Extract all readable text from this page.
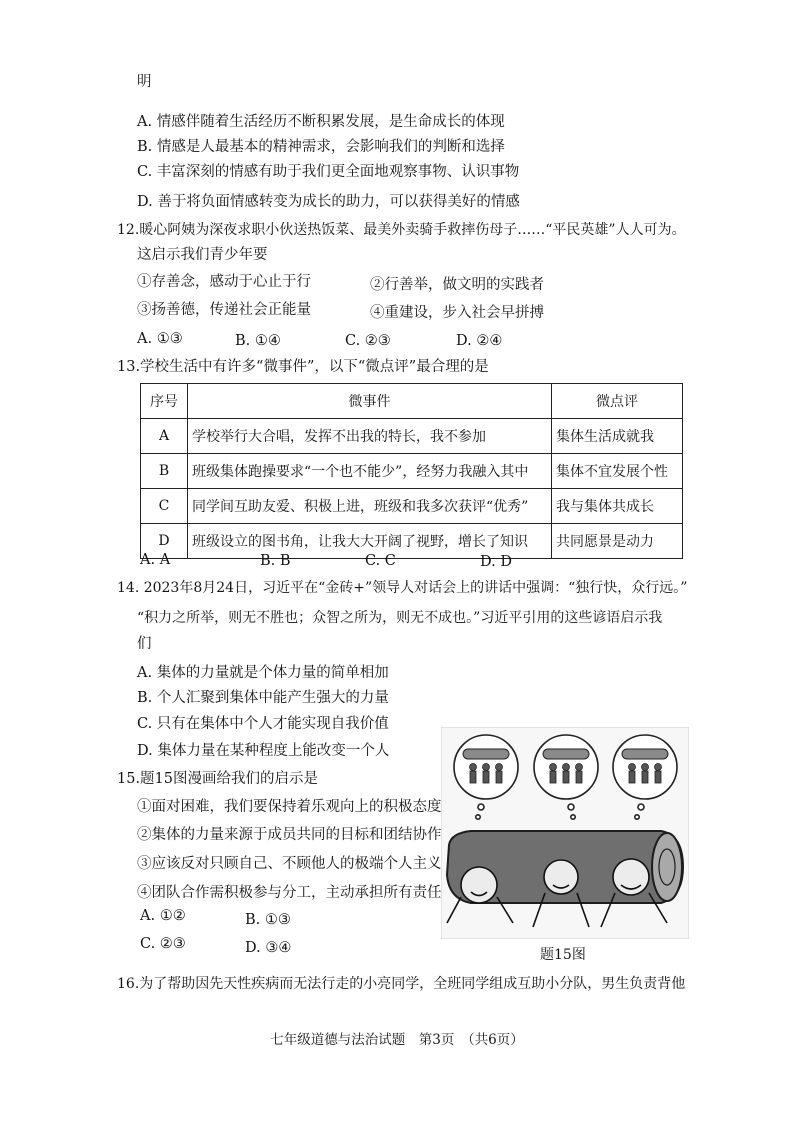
明
A. 情感伴随着生活经历不断积累发展，是生命成长的体现
B. 情感是人最基本的精神需求，会影响我们的判断和选择
C. 丰富深刻的情感有助于我们更全面地观察事物、认识事物
D. 善于将负面情感转变为成长的助力，可以获得美好的情感
12.暖心阿姨为深夜求职小伙送热饭菜、最美外卖骑手救摔伤母子……“平民英雄”人人可为。
这启示我们青少年要
①存善念，感动于心止于行	②行善举，做文明的实践者
③扬善德，传递社会正能量	④重建设，步入社会早拼搏
A. ①③	B. ①④	C. ②③	D. ②④
13.学校生活中有许多“微事件”，以下“微点评”最合理的是
序号	微事件	微点评
A	学校举行大合唱，发挥不出我的特长，我不参加	集体生活成就我
B	班级集体跑操要求“一个也不能少”，经努力我融入其中	集体不宜发展个性
C	同学间互助友爱、积极上进，班级和我多次获评“优秀”	我与集体共成长
D	班级设立的图书角，让我大大开阔了视野，增长了知识	共同愿景是动力
A. A	B. B	C. C	D. D
14. 2023年8月24日，习近平在“金砖+”领导人对话会上的讲话中强调：“独行快，众行远。”
“积力之所举，则无不胜也；众智之所为，则无不成也。”习近平引用的这些谚语启示我
们
A. 集体的力量就是个体力量的简单相加
B. 个人汇聚到集体中能产生强大的力量
C. 只有在集体中个人才能实现自我价值
D. 集体力量在某种程度上能改变一个人
15.题15图漫画给我们的启示是
①面对困难，我们要保持着乐观向上的积极态度
②集体的力量来源于成员共同的目标和团结协作
③应该反对只顾自己、不顾他人的极端个人主义
④团队合作需积极参与分工，主动承担所有责任
A. ①②	B. ①③
C. ②③	D. ③④	题15图
16.为了帮助因先天性疾病而无法行走的小亮同学，全班同学组成互助小分队，男生负责背他
七年级道德与法治试题　第3页　（共6页）
